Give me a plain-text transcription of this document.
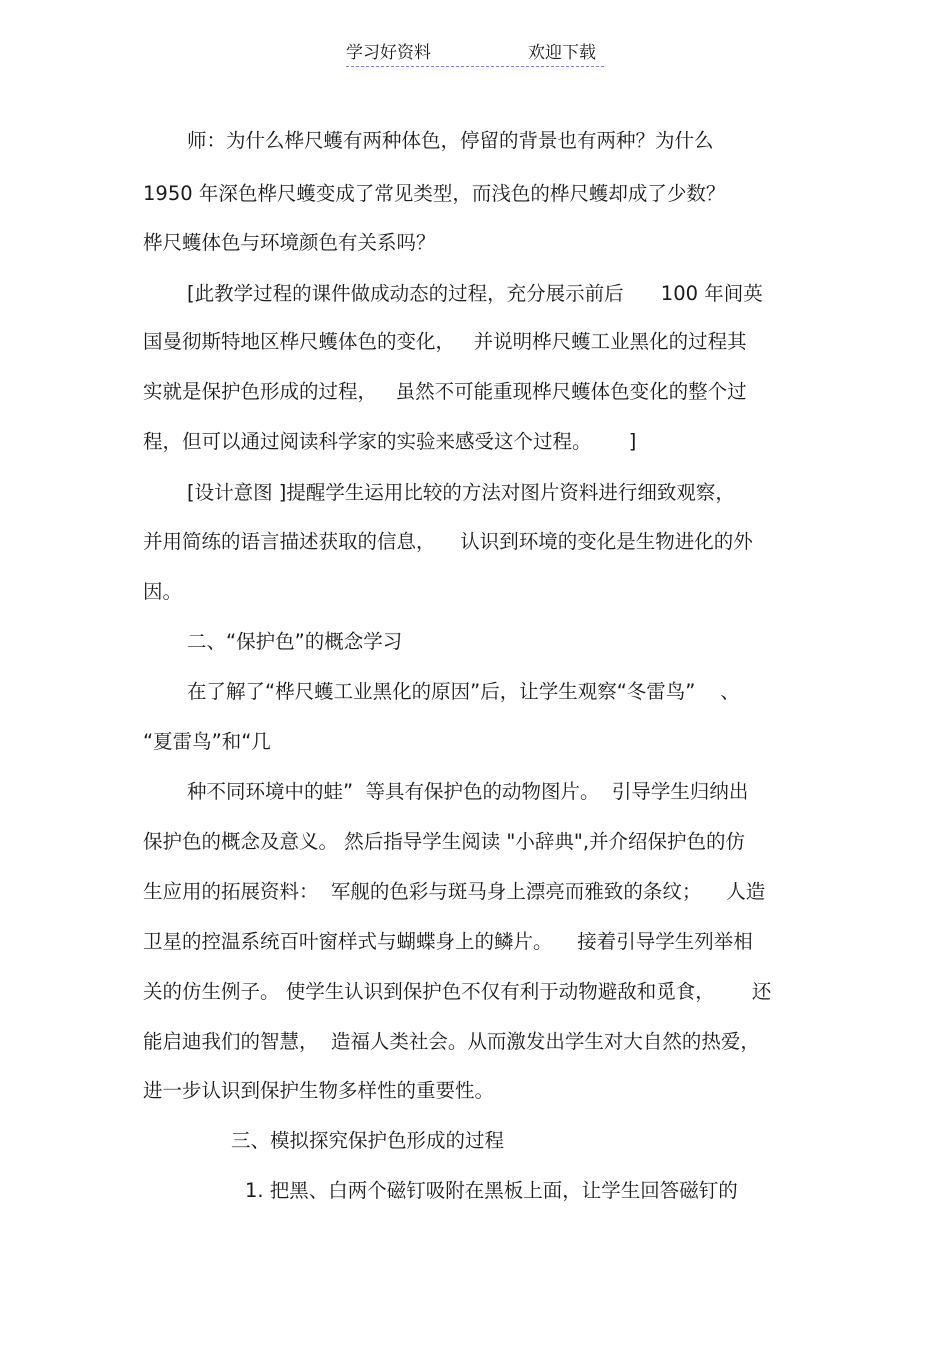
学习好资料	欢迎下载

师：为什么桦尺蠖有两种体色，停留的背景也有两种？为什么

1950 年深色桦尺蠖变成了常见类型，而浅色的桦尺蠖却成了少数？

桦尺蠖体色与环境颜色有关系吗？

[此教学过程的课件做成动态的过程，充分展示前后      100 年间英

国曼彻斯特地区桦尺蠖体色的变化，   并说明桦尺蠖工业黑化的过程其

实就是保护色形成的过程，   虽然不可能重现桦尺蠖体色变化的整个过

程，但可以通过阅读科学家的实验来感受这个过程。      ]

[设计意图 ]提醒学生运用比较的方法对图片资料进行细致观察，

并用简练的语言描述获取的信息，    认识到环境的变化是生物进化的外

因。

二、“保护色”的概念学习

在了解了“桦尺蠖工业黑化的原因”后，让学生观察“冬雷鸟”    、

“夏雷鸟”和“几

种不同环境中的蛙”  等具有保护色的动物图片。  引导学生归纳出

保护色的概念及意义。 然后指导学生阅读 "小辞典",并介绍保护色的仿

生应用的拓展资料：  军舰的色彩与斑马身上漂亮而雅致的条纹；    人造

卫星的控温系统百叶窗样式与蝴蝶身上的鳞片。    接着引导学生列举相

关的仿生例子。 使学生认识到保护色不仅有利于动物避敌和觅食，      还

能启迪我们的智慧，  造福人类社会。从而激发出学生对大自然的热爱，

进一步认识到保护生物多样性的重要性。

三、模拟探究保护色形成的过程

1. 把黑、白两个磁钉吸附在黑板上面，让学生回答磁钉的
